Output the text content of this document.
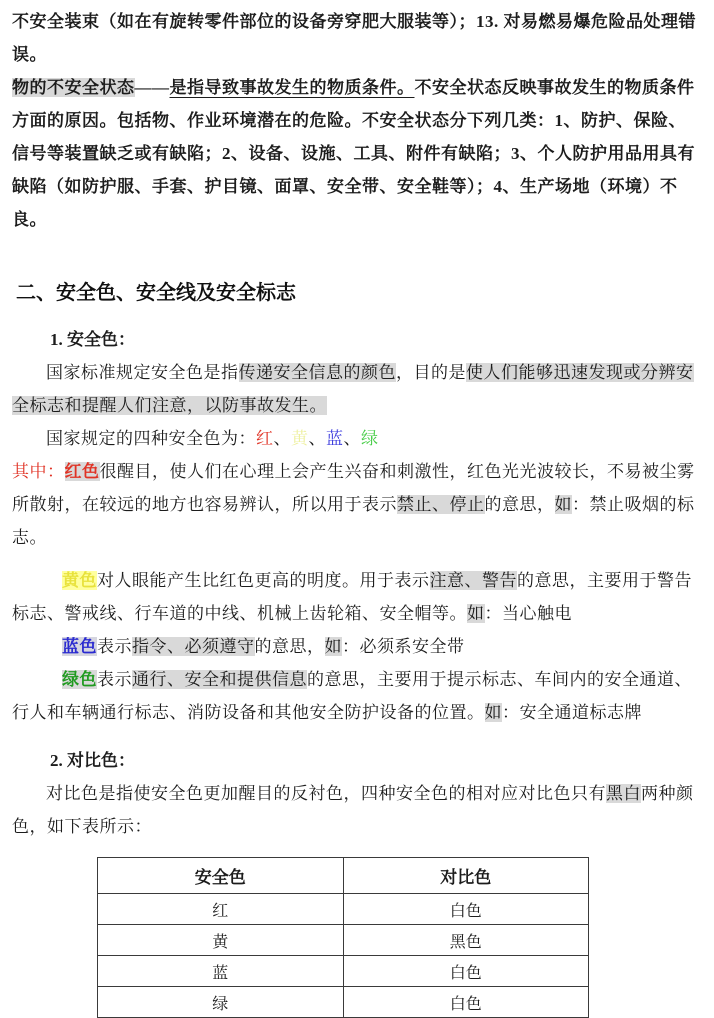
不安全装束（如在有旋转零件部位的设备旁穿肥大服装等）；13. 对易燃易爆危险品处理错误。

物的不安全状态——是指导致事故发生的物质条件。不安全状态反映事故发生的物质条件方面的原因。包括物、作业环境潜在的危险。不安全状态分下列几类：1、防护、保险、信号等装置缺乏或有缺陷；2、设备、设施、工具、附件有缺陷；3、个人防护用品用具有缺陷（如防护服、手套、护目镜、面罩、安全带、安全鞋等）；4、生产场地（环境）不良。

二、安全色、安全线及安全标志
1. 安全色：

国家标准规定安全色是指传递安全信息的颜色，目的是使人们能够迅速发现或分辨安全标志和提醒人们注意，以防事故发生。

国家规定的四种安全色为：红、黄、蓝、绿

其中：红色很醒目，使人们在心理上会产生兴奋和刺激性，红色光光波较长，不易被尘雾所散射，在较远的地方也容易辨认，所以用于表示禁止、停止的意思，如：禁止吸烟的标志。

黄色对人眼能产生比红色更高的明度。用于表示注意、警告的意思，主要用于警告标志、警戒线、行车道的中线、机械上齿轮箱、安全帽等。如：当心触电

蓝色表示指令、必须遵守的意思，如：必须系安全带

绿色表示通行、安全和提供信息的意思，主要用于提示标志、车间内的安全通道、行人和车辆通行标志、消防设备和其他安全防护设备的位置。如：安全通道标志牌

2. 对比色：

对比色是指使安全色更加醒目的反衬色，四种安全色的相对应对比色只有黑白两种颜色，如下表所示：

安全色	对比色
红	白色
黄	黑色
蓝	白色
绿	白色
